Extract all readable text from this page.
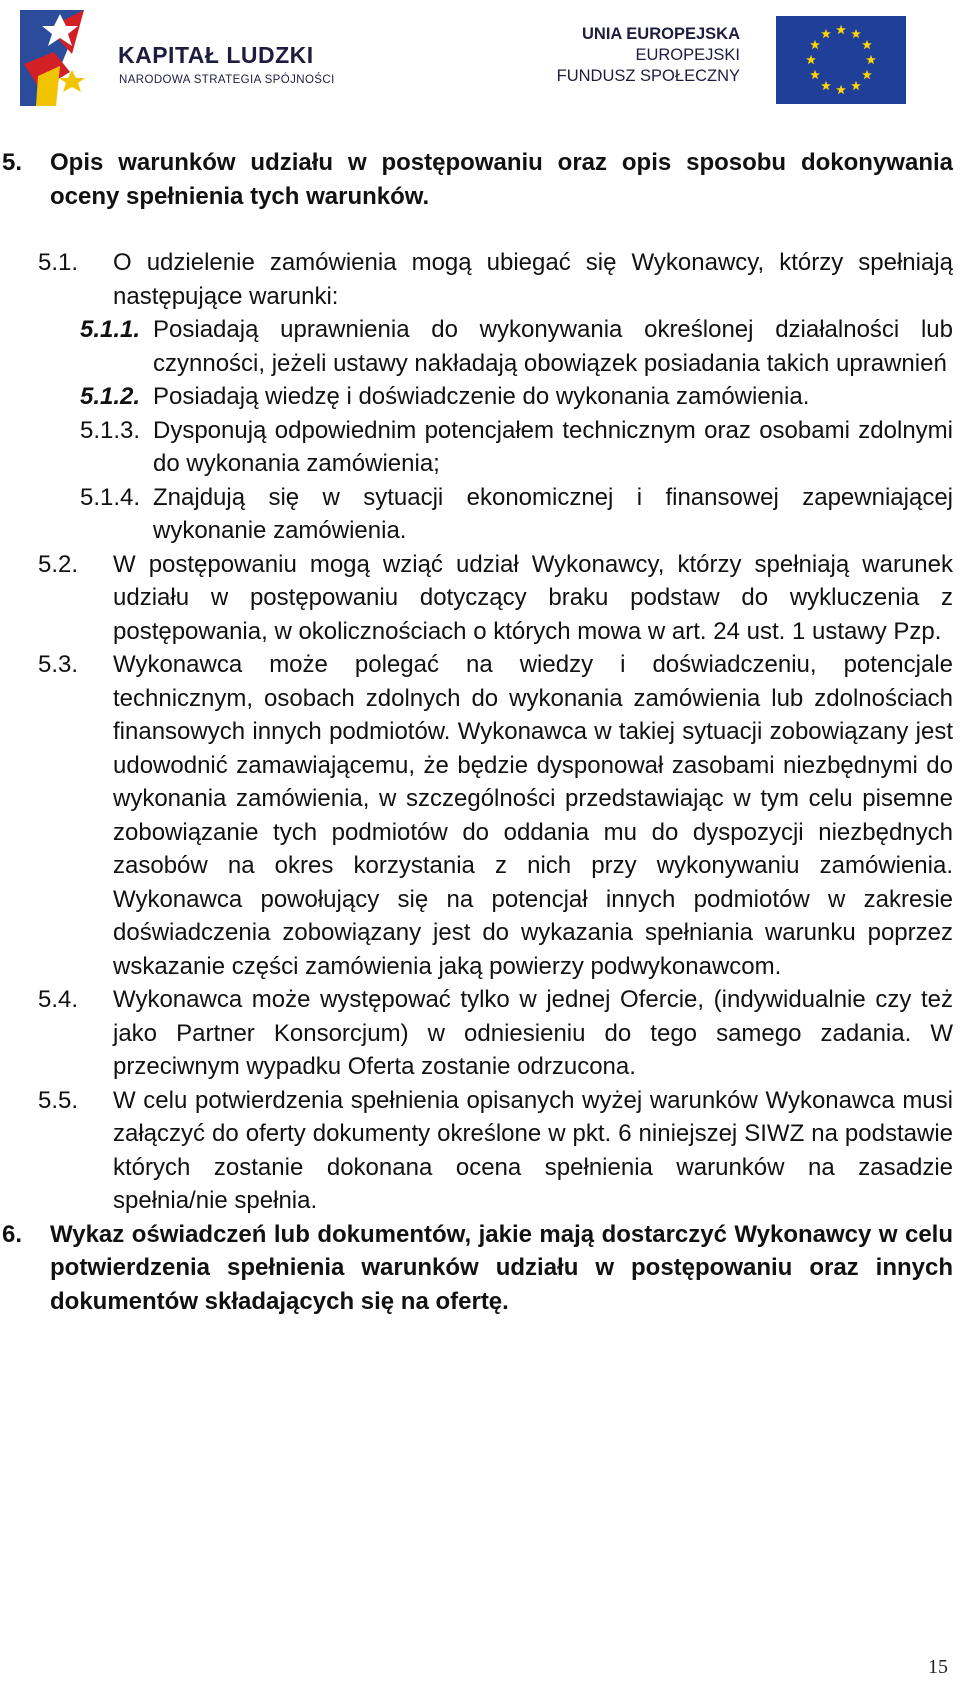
KAPITAŁ LUDZKI
NARODOWA STRATEGIA SPÓJNOŚCI
UNIA EUROPEJSKA
EUROPEJSKI
FUNDUSZ SPOŁECZNY
5. Opis warunków udziału w postępowaniu oraz opis sposobu dokonywania oceny spełnienia tych warunków.
5.1. O udzielenie zamówienia mogą ubiegać się Wykonawcy, którzy spełniają następujące warunki:
5.1.1. Posiadają uprawnienia do wykonywania określonej działalności lub czynności, jeżeli ustawy nakładają obowiązek posiadania takich uprawnień
5.1.2. Posiadają wiedzę i doświadczenie do wykonania zamówienia.
5.1.3. Dysponują odpowiednim potencjałem technicznym oraz osobami zdolnymi do wykonania zamówienia;
5.1.4. Znajdują się w sytuacji ekonomicznej i finansowej zapewniającej wykonanie zamówienia.
5.2. W postępowaniu mogą wziąć udział Wykonawcy, którzy spełniają warunek udziału w postępowaniu dotyczący braku podstaw do wykluczenia z postępowania, w okolicznościach o których mowa w art. 24 ust. 1 ustawy Pzp.
5.3. Wykonawca może polegać na wiedzy i doświadczeniu, potencjale technicznym, osobach zdolnych do wykonania zamówienia lub zdolnościach finansowych innych podmiotów. Wykonawca w takiej sytuacji zobowiązany jest udowodnić zamawiającemu, że będzie dysponował zasobami niezbędnymi do wykonania zamówienia, w szczególności przedstawiając w tym celu pisemne zobowiązanie tych podmiotów do oddania mu do dyspozycji niezbędnych zasobów na okres korzystania z nich przy wykonywaniu zamówienia. Wykonawca powołujący się na potencjał innych podmiotów w zakresie doświadczenia zobowiązany jest do wykazania spełniania warunku poprzez wskazanie części zamówienia jaką powierzy podwykonawcom.
5.4. Wykonawca może występować tylko w jednej Ofercie, (indywidualnie czy też jako Partner Konsorcjum) w odniesieniu do tego samego zadania. W przeciwnym wypadku Oferta zostanie odrzucona.
5.5. W celu potwierdzenia spełnienia opisanych wyżej warunków Wykonawca musi załączyć do oferty dokumenty określone w pkt. 6 niniejszej SIWZ na podstawie których zostanie dokonana ocena spełnienia warunków na zasadzie spełnia/nie spełnia.
6. Wykaz oświadczeń lub dokumentów, jakie mają dostarczyć Wykonawcy w celu potwierdzenia spełnienia warunków udziału w postępowaniu oraz innych dokumentów składających się na ofertę.
15
